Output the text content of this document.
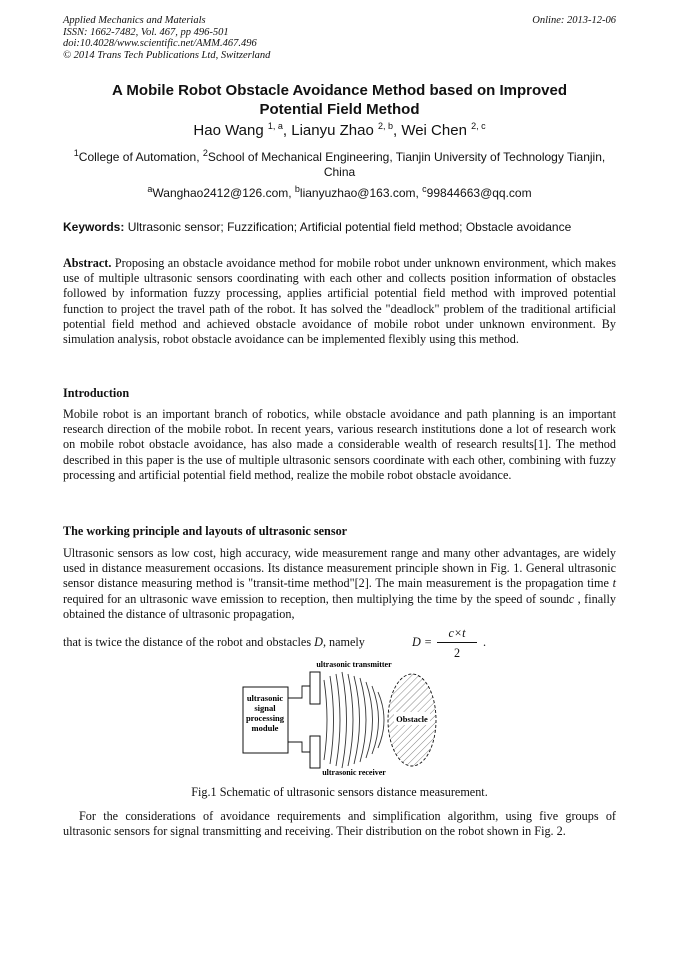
Applied Mechanics and Materials
ISSN: 1662-7482, Vol. 467, pp 496-501
doi:10.4028/www.scientific.net/AMM.467.496
© 2014 Trans Tech Publications Ltd, Switzerland
Online: 2013-12-06
A Mobile Robot Obstacle Avoidance Method based on Improved
Potential Field Method
Hao Wang $^{1, a}$, Lianyu Zhao $^{2, b}$, Wei Chen $^{2, c}$
$^1$College of Automation, $^2$School of Mechanical Engineering, Tianjin University of Technology Tianjin, China
$^a$Wanghao2412@126.com, $^b$lianyuzhao@163.com, $^c$99844663@qq.com
Keywords: Ultrasonic sensor; Fuzzification; Artificial potential field method; Obstacle avoidance
Abstract. Proposing an obstacle avoidance method for mobile robot under unknown environment, which makes use of multiple ultrasonic sensors coordinating with each other and collects position information of obstacles followed by information fuzzy processing, applies artificial potential field method with improved potential function to project the travel path of the robot. It has solved the "deadlock" problem of the traditional artificial potential field method and achieved obstacle avoidance of mobile robot under unknown environment. By simulation analysis, robot obstacle avoidance can be implemented flexibly using this method.
Introduction
Mobile robot is an important branch of robotics, while obstacle avoidance and path planning is an important research direction of the mobile robot. In recent years, various research institutions done a lot of research work on mobile robot obstacle avoidance, has also made a considerable wealth of research results[1]. The method described in this paper is the use of multiple ultrasonic sensors coordinate with each other, combining with fuzzy processing and artificial potential field method, realize the mobile robot obstacle avoidance.
The working principle and layouts of ultrasonic sensor
Ultrasonic sensors as low cost, high accuracy, wide measurement range and many other advantages, are widely used in distance measurement occasions. Its distance measurement principle shown in Fig. 1. General ultrasonic sensor distance measuring method is "transit-time method"[2]. The main measurement is the propagation time t required for an ultrasonic wave emission to reception, then multiplying the time by the speed of soundc , finally obtained the distance of ultrasonic propagation,
that is twice the distance of the robot and obstacles D, namely	D =
c×t
2
.
ultrasonic transmitter
ultrasonic receiver
ultrasonic
signal
processing
module
Obstacle
Fig.1 Schematic of ultrasonic sensors distance measurement.
For the considerations of avoidance requirements and simplification algorithm, using five groups of ultrasonic sensors for signal transmitting and receiving. Their distribution on the robot shown in Fig. 2.
